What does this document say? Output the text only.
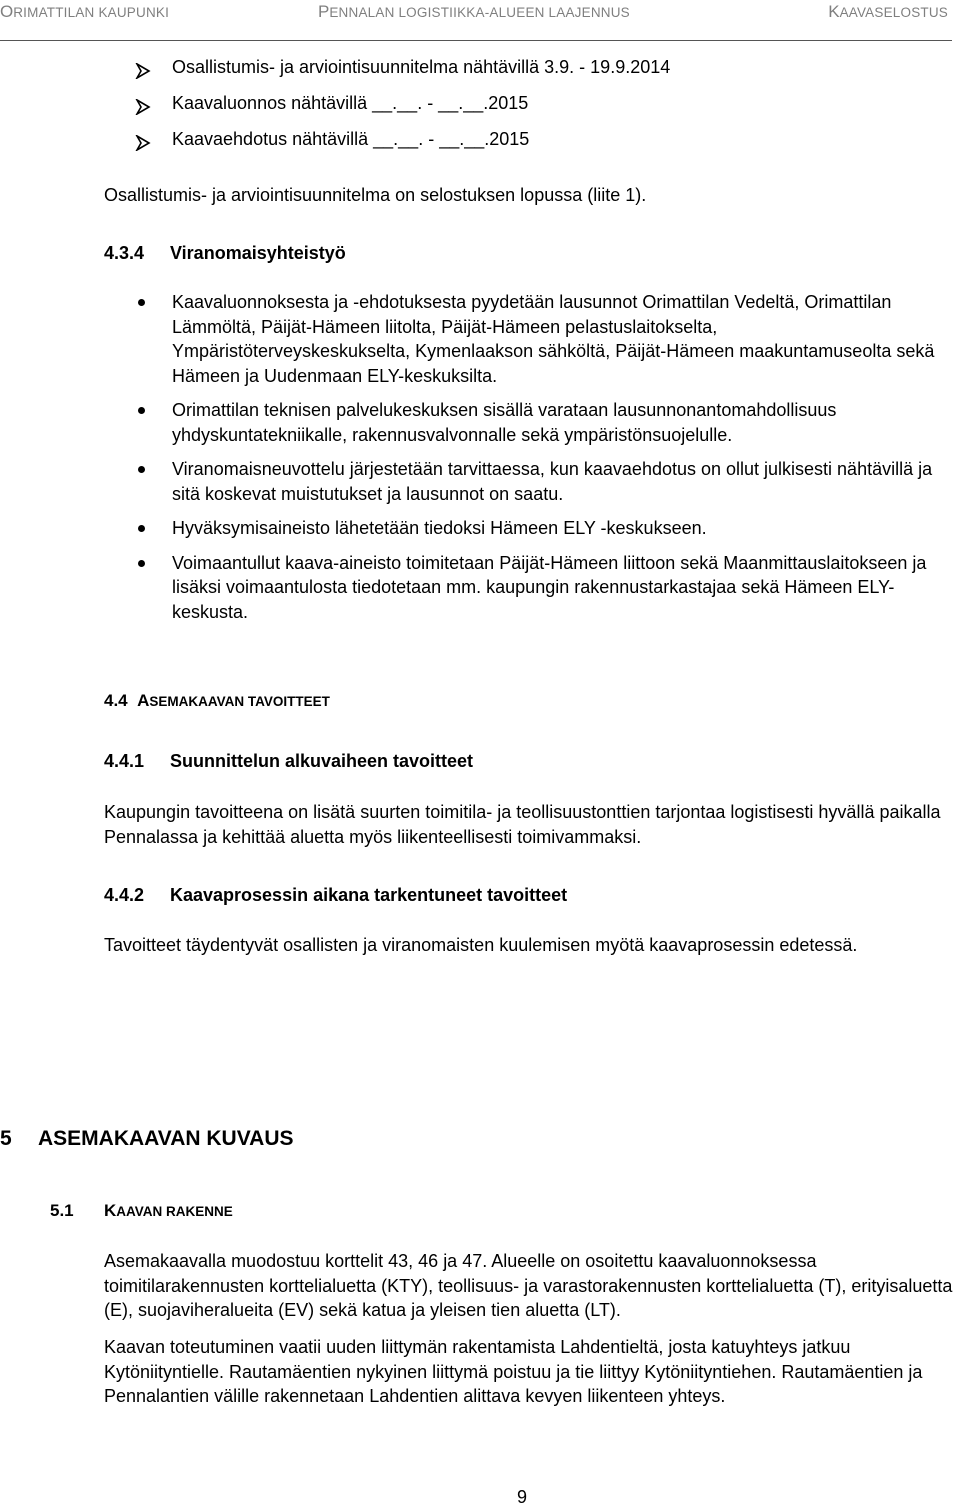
ORIMATTILAN KAUPUNKI	PENNALAN LOGISTIIKKA-ALUEEN LAAJENNUS	KAAVASELOSTUS
Osallistumis- ja arviointisuunnitelma nähtävillä 3.9. - 19.9.2014
Kaavaluonnos nähtävillä __.__. - __.__.2015
Kaavaehdotus nähtävillä __.__. - __.__.2015
Osallistumis- ja arviointisuunnitelma on selostuksen lopussa (liite 1).
4.3.4 Viranomaisyhteistyö
Kaavaluonnoksesta ja -ehdotuksesta pyydetään lausunnot Orimattilan Vedeltä, Orimattilan Lämmöltä, Päijät-Hämeen liitolta, Päijät-Hämeen pelastuslaitokselta, Ympäristöterveyskeskukselta, Kymenlaakson sähköltä, Päijät-Hämeen maakuntamuseolta sekä Hämeen ja Uudenmaan ELY-keskuksilta.
Orimattilan teknisen palvelukeskuksen sisällä varataan lausunnonantomahdollisuus yhdyskuntatekniikalle, rakennusvalvonnalle sekä ympäristönsuojelulle.
Viranomaisneuvottelu järjestetään tarvittaessa, kun kaavaehdotus on ollut julkisesti nähtävillä ja sitä koskevat muistutukset ja lausunnot on saatu.
Hyväksymisaineisto lähetetään tiedoksi Hämeen ELY -keskukseen.
Voimaantullut kaava-aineisto toimitetaan Päijät-Hämeen liittoon sekä Maanmittauslaitokseen ja lisäksi voimaantulosta tiedotetaan mm. kaupungin rakennustarkastajaa sekä Hämeen ELY-keskusta.
4.4 ASEMAKAAVAN TAVOITTEET
4.4.1 Suunnittelun alkuvaiheen tavoitteet
Kaupungin tavoitteena on lisätä suurten toimitila- ja teollisuustonttien tarjontaa logistisesti hyvällä paikalla Pennalassa ja kehittää aluetta myös liikenteellisesti toimivammaksi.
4.4.2 Kaavaprosessin aikana tarkentuneet tavoitteet
Tavoitteet täydentyvät osallisten ja viranomaisten kuulemisen myötä kaavaprosessin edetessä.
5 ASEMAKAAVAN KUVAUS
5.1 KAAVAN RAKENNE
Asemakaavalla muodostuu korttelit 43, 46 ja 47. Alueelle on osoitettu kaavaluonnoksessa toimitilarakennusten korttelialuetta (KTY), teollisuus- ja varastorakennusten korttelialuetta (T), erityisaluetta (E), suojaviheralueita (EV) sekä katua ja yleisen tien aluetta (LT).
Kaavan toteutuminen vaatii uuden liittymän rakentamista Lahdentieltä, josta katuyhteys jatkuu Kytöniityntielle. Rautamäentien nykyinen liittymä poistuu ja tie liittyy Kytöniityntiehen. Rautamäentien ja Pennalantien välille rakennetaan Lahdentien alittava kevyen liikenteen yhteys.
9
